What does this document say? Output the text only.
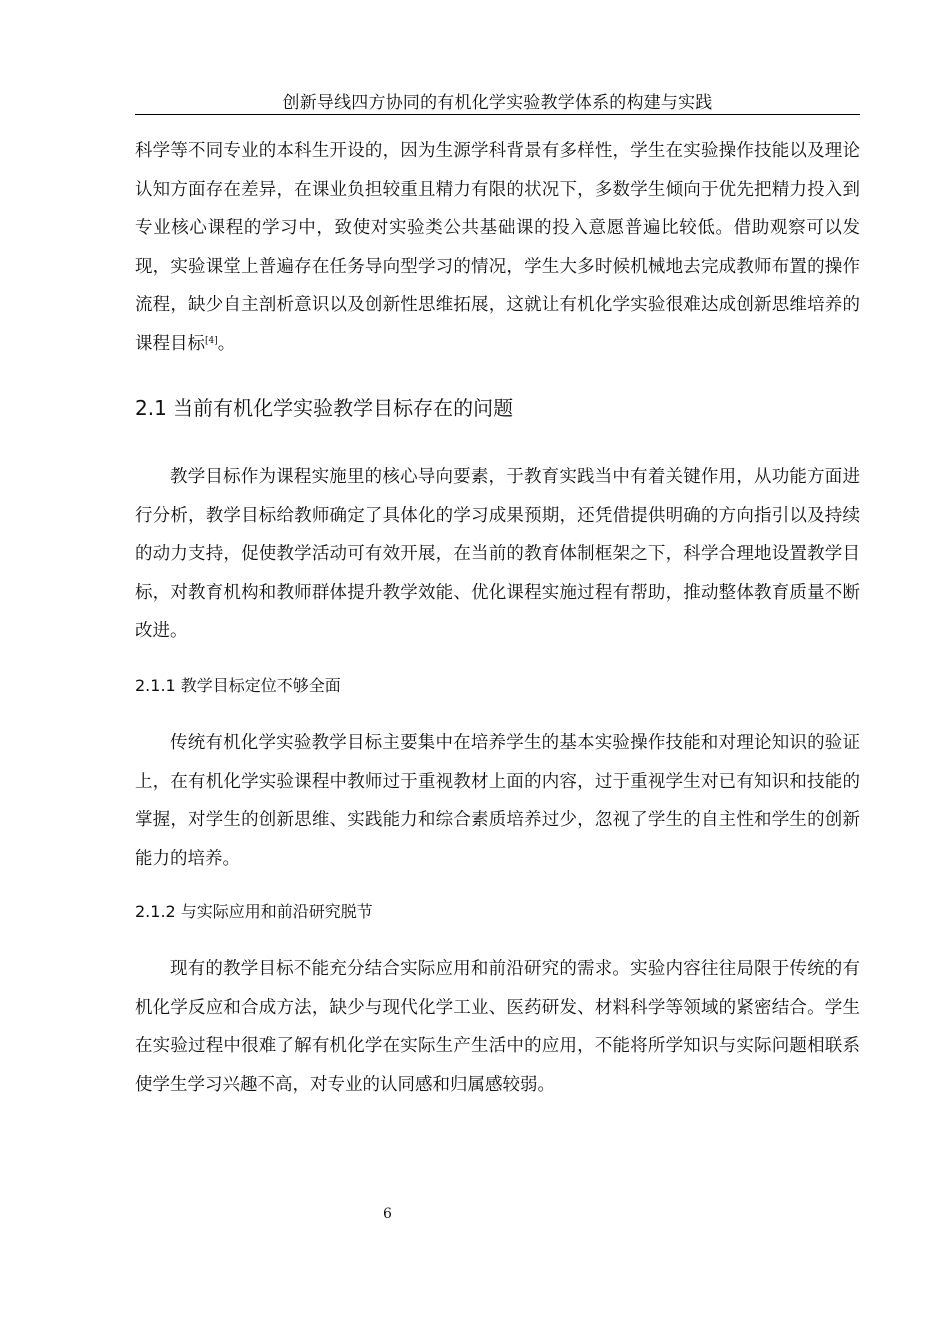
创新导线四方协同的有机化学实验教学体系的构建与实践

科学等不同专业的本科生开设的，因为生源学科背景有多样性，学生在实验操作技能以及理论认知方面存在差异，在课业负担较重且精力有限的状况下，多数学生倾向于优先把精力投入到专业核心课程的学习中，致使对实验类公共基础课的投入意愿普遍比较低。借助观察可以发现，实验课堂上普遍存在任务导向型学习的情况，学生大多时候机械地去完成教师布置的操作流程，缺少自主剖析意识以及创新性思维拓展，这就让有机化学实验很难达成创新思维培养的课程目标[4]。

2.1 当前有机化学实验教学目标存在的问题

教学目标作为课程实施里的核心导向要素，于教育实践当中有着关键作用，从功能方面进行分析，教学目标给教师确定了具体化的学习成果预期，还凭借提供明确的方向指引以及持续的动力支持，促使教学活动可有效开展，在当前的教育体制框架之下，科学合理地设置教学目标，对教育机构和教师群体提升教学效能、优化课程实施过程有帮助，推动整体教育质量不断改进。

2.1.1 教学目标定位不够全面

传统有机化学实验教学目标主要集中在培养学生的基本实验操作技能和对理论知识的验证上，在有机化学实验课程中教师过于重视教材上面的内容，过于重视学生对已有知识和技能的掌握，对学生的创新思维、实践能力和综合素质培养过少，忽视了学生的自主性和学生的创新能力的培养。

2.1.2 与实际应用和前沿研究脱节

现有的教学目标不能充分结合实际应用和前沿研究的需求。实验内容往往局限于传统的有机化学反应和合成方法，缺少与现代化学工业、医药研发、材料科学等领域的紧密结合。学生在实验过程中很难了解有机化学在实际生产生活中的应用，不能将所学知识与实际问题相联系使学生学习兴趣不高，对专业的认同感和归属感较弱。

6
